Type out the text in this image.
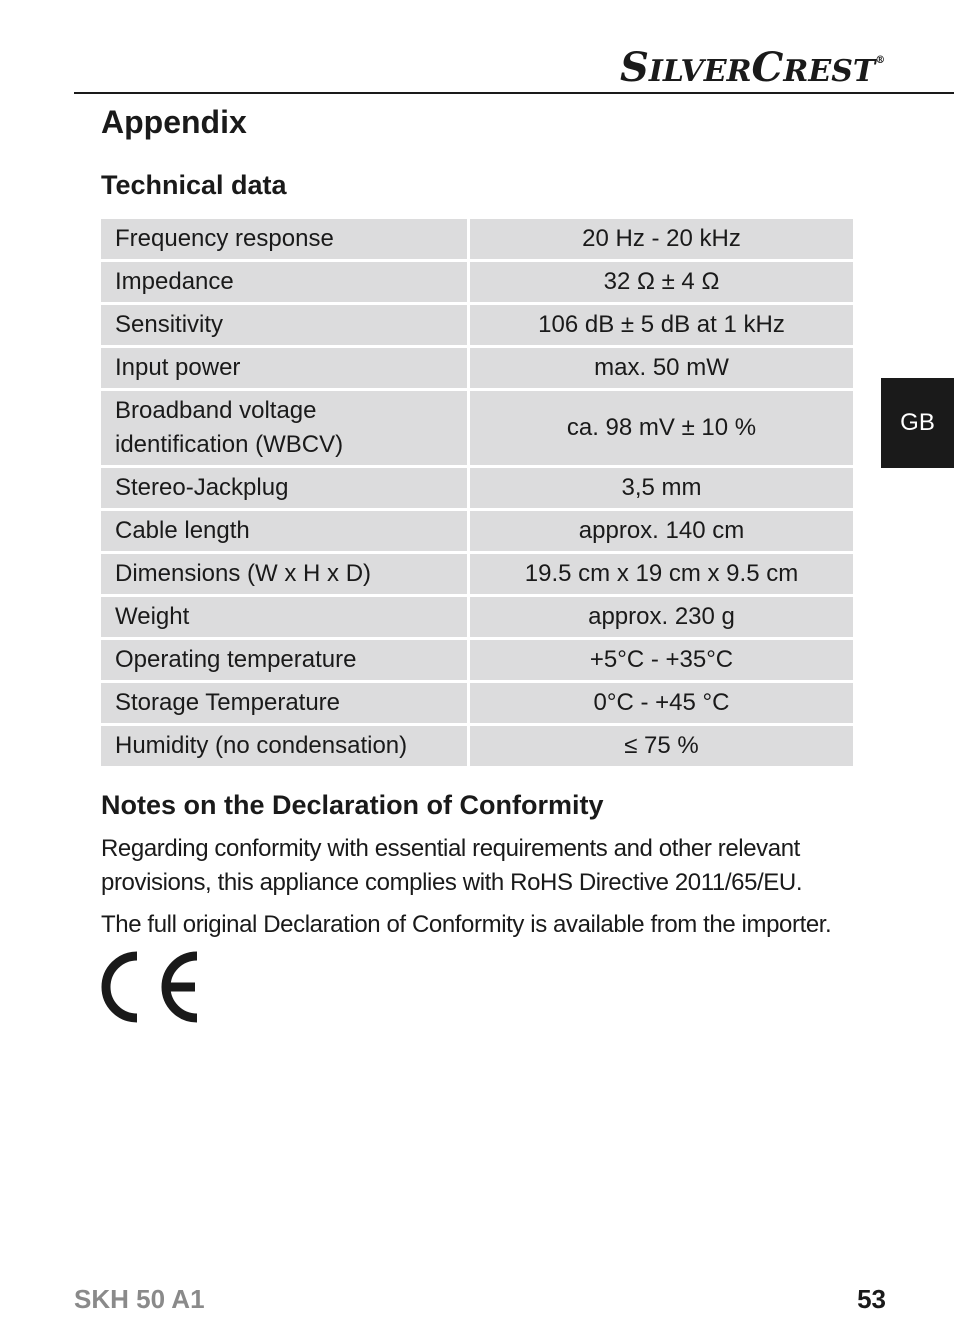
SILVERCREST®
Appendix
Technical data
Frequency response	20 Hz - 20 kHz
Impedance	32 Ω ± 4 Ω
Sensitivity	106 dB ± 5 dB at 1 kHz
Input power	max. 50 mW

Broadband voltage
identification (WBCV)	ca. 98 mV ± 10 %
Stereo-Jackplug	3,5 mm
Cable length	approx. 140 cm
Dimensions (W x H x D)	19.5 cm x 19 cm x 9.5 cm
Weight	approx. 230 g
Operating temperature	+5°C - +35°C
Storage Temperature	0°C - +45 °C
Humidity (no condensation)	≤ 75 %
GB
Notes on the Declaration of Conformity

Regarding conformity with essential requirements and other relevant provisions, this appliance complies with RoHS Directive 2011/65/EU.

The full original Declaration of Conformity is available from the importer.

SKH 50 A1	53
